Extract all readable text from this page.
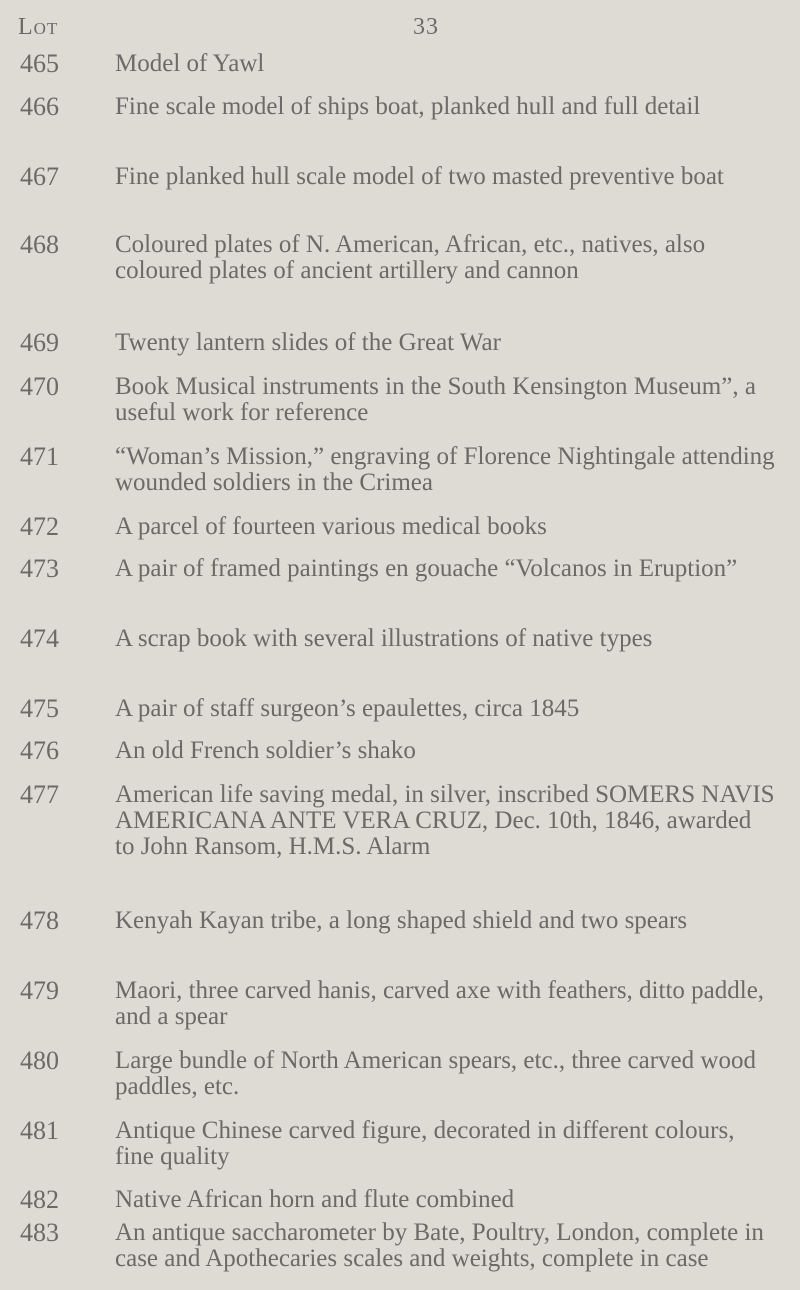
Lot	33
465 Model of Yawl
466 Fine scale model of ships boat, planked hull and full detail
467 Fine planked hull scale model of two masted preventive boat
468 Coloured plates of N. American, African, etc., natives, also coloured plates of ancient artillery and cannon
469 Twenty lantern slides of the Great War
470 Book Musical instruments in the South Kensington Museum”, a useful work for reference
471 “Woman’s Mission,” engraving of Florence Nightingale attending wounded soldiers in the Crimea
472 A parcel of fourteen various medical books
473 A pair of framed paintings en gouache “Volcanos in Eruption”
474 A scrap book with several illustrations of native types
475 A pair of staff surgeon’s epaulettes, circa 1845
476 An old French soldier’s shako
477 American life saving medal, in silver, inscribed SOMERS NAVIS AMERICANA ANTE VERA CRUZ, Dec. 10th, 1846, awarded to John Ransom, H.M.S. Alarm
478 Kenyah Kayan tribe, a long shaped shield and two spears
479 Maori, three carved hanis, carved axe with feathers, ditto paddle, and a spear
480 Large bundle of North American spears, etc., three carved wood paddles, etc.
481 Antique Chinese carved figure, decorated in different colours, fine quality
482 Native African horn and flute combined
483 An antique saccharometer by Bate, Poultry, London, complete in case and Apothecaries scales and weights, complete in case
